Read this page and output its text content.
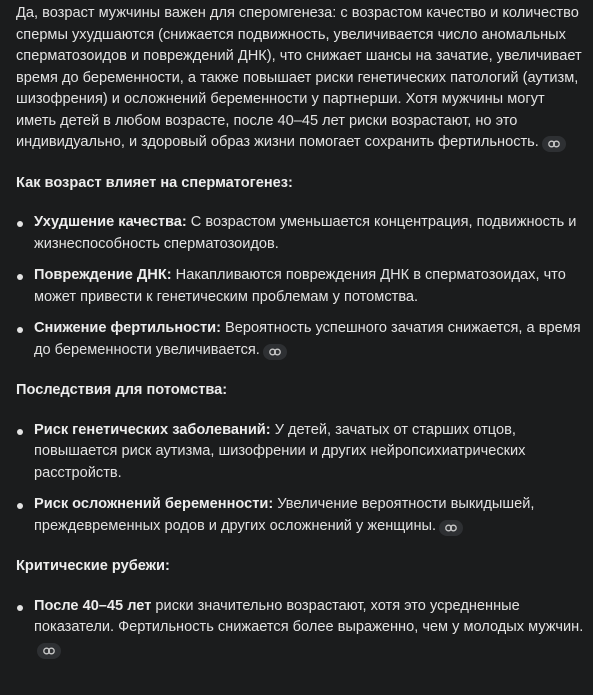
Да, возраст мужчины важен для сперомгенеза: с возрастом качество и количество спермы ухудшаются (снижается подвижность, увеличивается число аномальных сперматозоидов и повреждений ДНК), что снижает шансы на зачатие, увеличивает время до беременности, а также повышает риски генетических патологий (аутизм, шизофрения) и осложнений беременности у партнерши. Хотя мужчины могут иметь детей в любом возрасте, после 40–45 лет риски возрастают, но это индивидуально, и здоровый образ жизни помогает сохранить фертильность.

Как возраст влияет на сперматогенез:

Ухудшение качества: С возрастом уменьшается концентрация, подвижность и жизнеспособность сперматозоидов.
Повреждение ДНК: Накапливаются повреждения ДНК в сперматозоидах, что может привести к генетическим проблемам у потомства.
Снижение фертильности: Вероятность успешного зачатия снижается, а время до беременности увеличивается.

Последствия для потомства:

Риск генетических заболеваний: У детей, зачатых от старших отцов, повышается риск аутизма, шизофрении и других нейропсихиатрических расстройств.
Риск осложнений беременности: Увеличение вероятности выкидышей, преждевременных родов и других осложнений у женщины.

Критические рубежи:

После 40–45 лет риски значительно возрастают, хотя это усредненные показатели. Фертильность снижается более выраженно, чем у молодых мужчин.
